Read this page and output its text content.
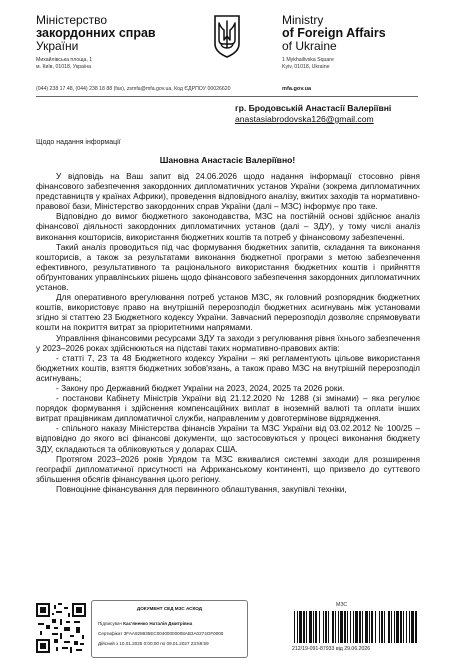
Міністерство
закордонних справ
України
Михайлівська площа, 1
м. Київ, 01018, Україна
Ministry
of Foreign Affairs
of Ukraine
1 Mykhailivska Square
Kyiv, 01018, Ukraine
(044) 238 17 48, (044) 238 18 88 (fax), zsmfa@mfa.gov.ua, Код ЄДРПОУ 00026620	mfa.gov.ua
гр. Бродовській Анастасії Валеріївні
anastasiabrodovska126@gmail.com
Щодо надання інформації
Шановна Анастасіє Валеріївно!

У відповідь на Ваш запит від 24.06.2026 щодо надання інформації стосовно рівня фінансового забезпечення закордонних дипломатичних установ України (зокрема дипломатичних представництв у країнах Африки), проведення відповідного аналізу, вжитих заходів та нормативно-правової бази, Міністерство закордонних справ України (далі – МЗС) інформує про таке.

Відповідно до вимог бюджетного законодавства, МЗС на постійній основі здійснює аналіз фінансової діяльності закордонних дипломатичних установ (далі – ЗДУ), у тому числі аналіз виконання кошторисів, використання бюджетних коштів та потреб у фінансовому забезпеченні.

Такий аналіз проводиться під час формування бюджетних запитів, складання та виконання кошторисів, а також за результатами виконання бюджетної програми з метою забезпечення ефективного, результативного та раціонального використання бюджетних коштів і прийняття обґрунтованих управлінських рішень щодо фінансового забезпечення закордонних дипломатичних установ.

Для оперативного врегулювання потреб установ МЗС, як головний розпорядник бюджетних коштів, використовує право на внутрішній перерозподіл бюджетних асигнувань між установами згідно зі статтею 23 Бюджетного кодексу України. Завчасний перерозподіл дозволяє спрямовувати кошти на покриття витрат за пріоритетними напрямами.

Управління фінансовими ресурсами ЗДУ та заходи з регулювання рівня їхнього забезпечення у 2023–2026 роках здійснюються на підставі таких нормативно-правових актів:

- статті 7, 23 та 48 Бюджетного кодексу України – які регламентують цільове використання бюджетних коштів, взяття бюджетних зобов'язань, а також право МЗС на внутрішній перерозподіл асигнувань;

- Закону про Державний бюджет України на 2023, 2024, 2025 та 2026 роки.

- постанови Кабінету Міністрів України від 21.12.2020 № 1288 (зі змінами) – яка регулює порядок формування і здійснення компенсаційних виплат в іноземній валюті та оплати інших витрат працівникам дипломатичної служби, направленим у довготермінове відрядження.

- спільного наказу Міністерства фінансів України та МЗС України від 03.02.2012 № 100/25 – відповідно до якого всі фінансові документи, що застосовуються у процесі виконання бюджету ЗДУ, складаються та обліковуються у доларах США.

Протягом 2023–2026 років Урядом та МЗС вживалися системні заходи для розширення географії дипломатичної присутності на Африканському континенті, що призвело до суттєвого збільшення обсягів фінансування цього регіону.

Повноцінне фінансування для первинного облаштування, закупівлі техніки,

ДОКУМЕНТ СЕД МЗС АСКОД
Підписувач Кас'яненко Наталія Дмитрівна
Сертифікат 3FAA928835EC00400000008AB3A0274OF0000
Дійсний з 10.01.2025 0:00:00 по 09.01.2027 23:59:59
МЗС
212/19-091-87933 від 29.06.2026
